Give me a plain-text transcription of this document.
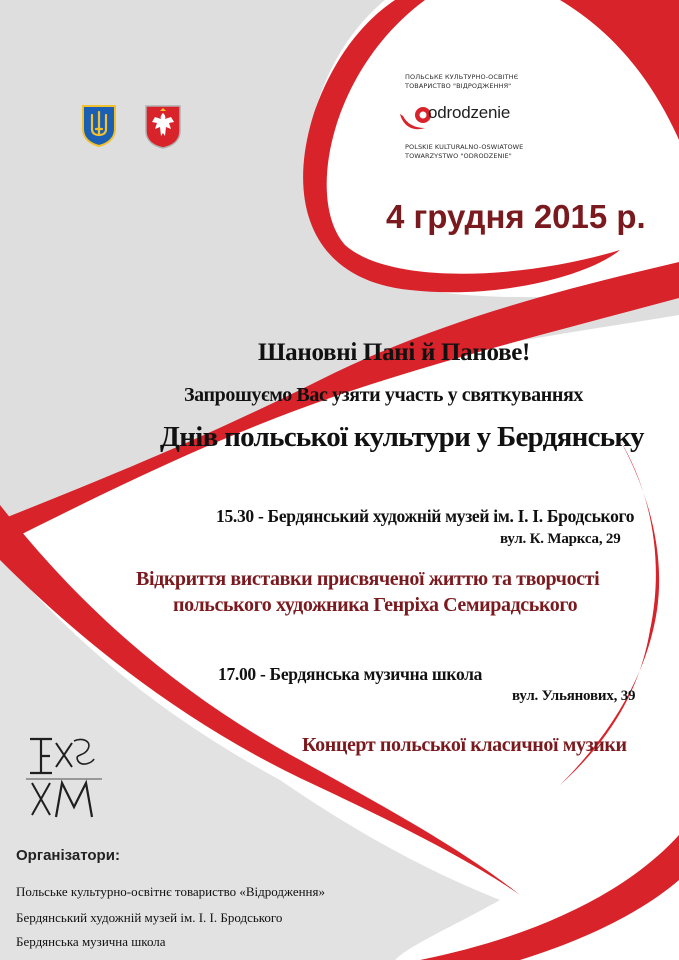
ПОЛЬСЬКЕ КУЛЬТУРНО-ОСВІТНЄ
ТОВАРИСТВО "ВІДРОДЖЕННЯ"
odrodzenie
POLSKIE KULTURALNO-OSWIATOWE
TOWARZYSTWO "ODRODZENIE"
4 грудня 2015 р.
Шановні Пані й Панове!
Запрошуємо Вас узяти участь у святкуваннях
Днів польської культури у Бердянську
15.30 - Бердянський художній музей ім. І. І. Бродського
вул. К. Маркса, 29
Відкриття виставки присвяченої життю та творчості
польського художника Генріха Семирадського
17.00 - Бердянська музична школа
вул. Ульянових, 39
Концерт польської класичної музики
Організатори:
Польське культурно-освітнє товариство «Відродження»
Бердянський художній музей ім. І. І. Бродського
Бердянська музична школа
